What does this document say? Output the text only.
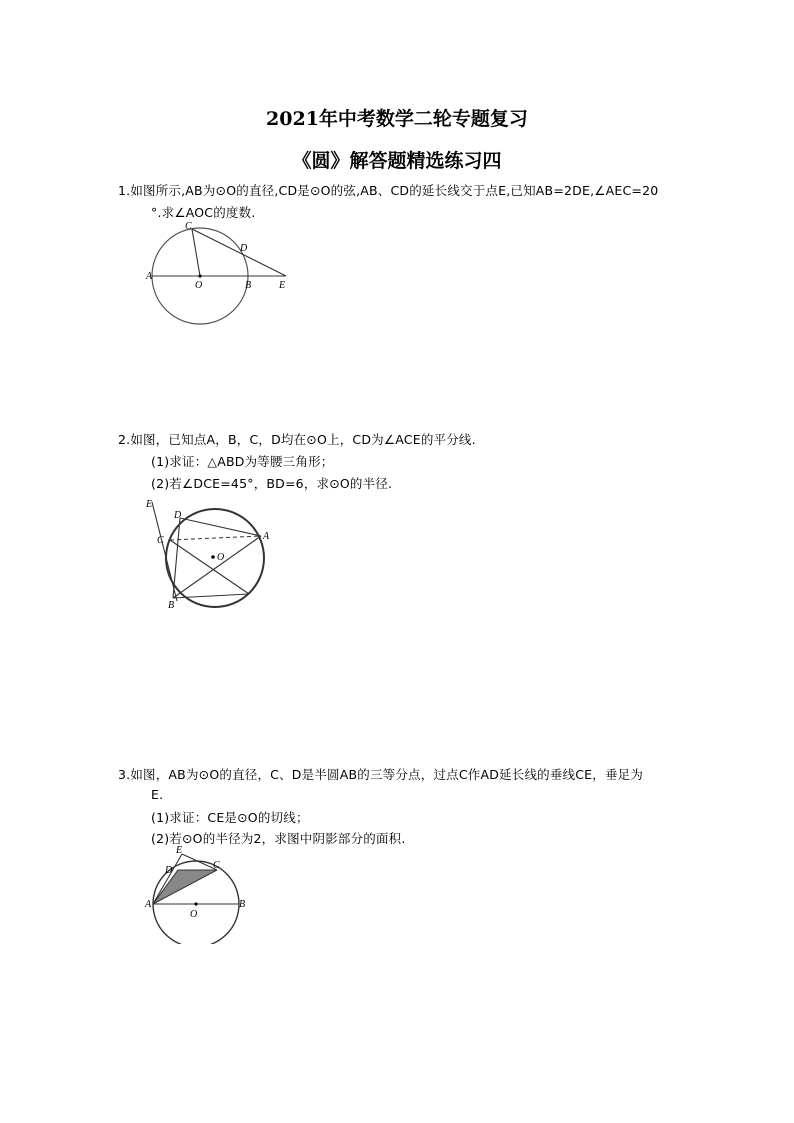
2021年中考数学二轮专题复习
《圆》解答题精选练习四
1.如图所示,AB为⊙O的直径,CD是⊙O的弦,AB、CD的延长线交于点E,已知AB=2DE,∠AEC=20
°.求∠AOC的度数.
A
O	B	E
C
D
2.如图，已知点A，B，C，D均在⊙O上，CD为∠ACE的平分线.
(1)求证：△ABD为等腰三角形；
(2)若∠DCE=45°，BD=6，求⊙O的半径.
E
D
C
O
A
B
3.如图，AB为⊙O的直径，C、D是半圆AB的三等分点，过点C作AD延长线的垂线CE，垂足为
E.
(1)求证：CE是⊙O的切线；
(2)若⊙O的半径为2，求图中阴影部分的面积.
E
D	C
A
O
B
